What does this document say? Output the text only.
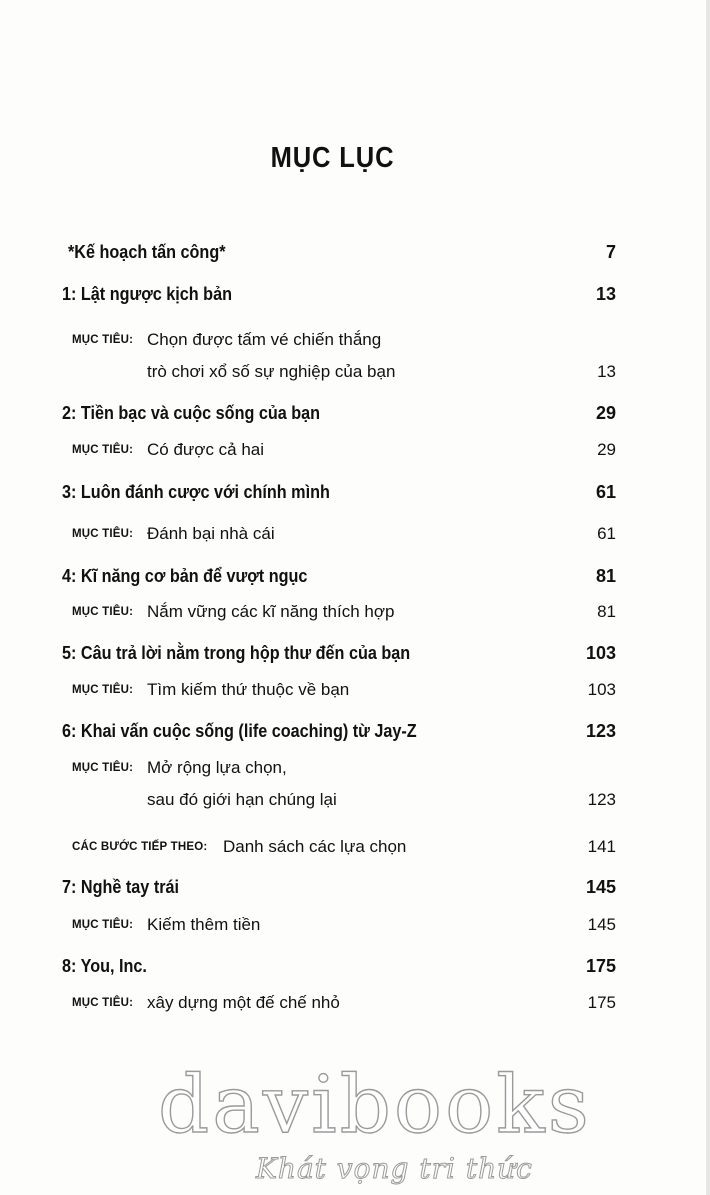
MỤC LỤC
*Kế hoạch tấn công*	7
1: Lật ngược kịch bản	13
MỤC TIÊU: Chọn được tấm vé chiến thắng
trò chơi xổ số sự nghiệp của bạn	13
2: Tiền bạc và cuộc sống của bạn	29
MỤC TIÊU: Có được cả hai	29
3: Luôn đánh cược với chính mình	61
MỤC TIÊU: Đánh bại nhà cái	61
4: Kĩ năng cơ bản để vượt ngục	81
MỤC TIÊU: Nắm vững các kĩ năng thích hợp	81
5: Câu trả lời nằm trong hộp thư đến của bạn	103
MỤC TIÊU: Tìm kiếm thứ thuộc về bạn	103
6: Khai vấn cuộc sống (life coaching) từ Jay-Z	123
MỤC TIÊU: Mở rộng lựa chọn,
sau đó giới hạn chúng lại	123
CÁC BƯỚC TIẾP THEO: Danh sách các lựa chọn	141
7: Nghề tay trái	145
MỤC TIÊU: Kiếm thêm tiền	145
8: You, Inc.	175
MỤC TIÊU: xây dựng một đế chế nhỏ	175
davibooks
Khát vọng tri thức
